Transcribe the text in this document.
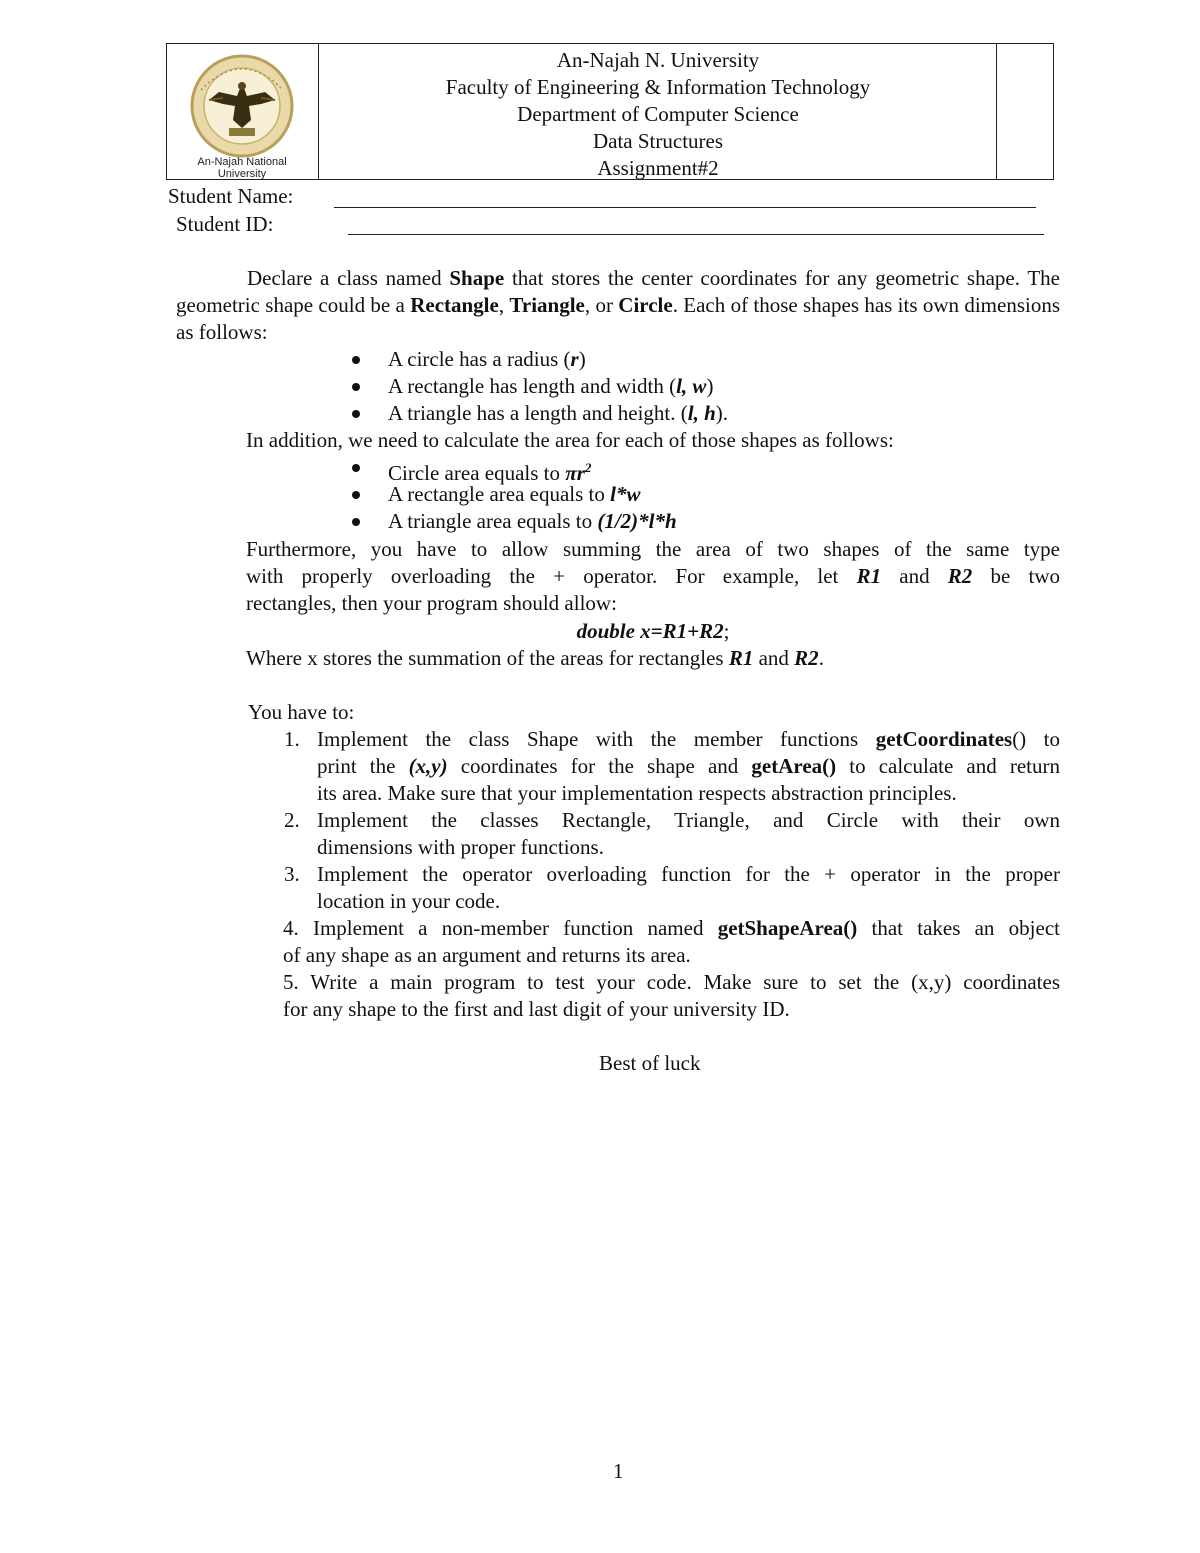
An-Najah National
University
An-Najah N. University
Faculty of Engineering & Information Technology
Department of Computer Science
Data Structures
Assignment#2
Student Name:
Student ID:
Declare a class named Shape that stores the center coordinates for any geometric shape. The geometric shape could be a Rectangle, Triangle, or Circle. Each of those shapes has its own dimensions as follows:
A circle has a radius (r)
A rectangle has length and width (l, w)
A triangle has a length and height. (l, h).
In addition, we need to calculate the area for each of those shapes as follows:
Circle area equals to $\pi r^2$
A rectangle area equals to l*w
A triangle area equals to (1/2)*l*h
Furthermore, you have to allow summing the area of two shapes of the same type
with properly overloading the + operator. For example, let R1 and R2 be two
rectangles, then your program should allow:
double x=R1+R2;
Where x stores the summation of the areas for rectangles R1 and R2.
You have to:
1. Implement the class Shape with the member functions getCoordinates() to
print the (x,y) coordinates for the shape and getArea() to calculate and return
its area. Make sure that your implementation respects abstraction principles.
2. Implement the classes Rectangle, Triangle, and Circle with their own
dimensions with proper functions.
3. Implement the operator overloading function for the + operator in the proper
location in your code.
4. Implement a non-member function named getShapeArea() that takes an object
of any shape as an argument and returns its area.
5. Write a main program to test your code. Make sure to set the (x,y) coordinates
for any shape to the first and last digit of your university ID.
Best of luck
1
